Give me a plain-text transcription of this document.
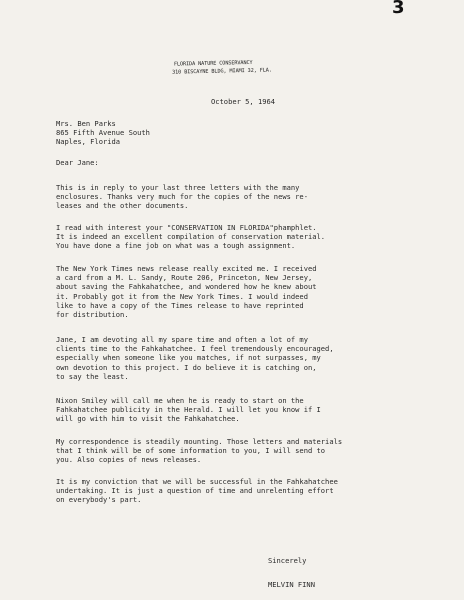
3
FLORIDA NATURE CONSERVANCY
310 BISCAYNE BLDG, MIAMI 32, FLA.
October 5, 1964
Mrs. Ben Parks
865 Fifth Avenue South
Naples, Florida
Dear Jane:
This is in reply to your last three letters with the many
enclosures. Thanks very much for the copies of the news re-
leases and the other documents.
I read with interest your "CONSERVATION IN FLORIDA"phamphlet.
It is indeed an excellent compilation of conservation material.
You have done a fine job on what was a tough assignment.
The New York Times news release really excited me. I received
a card from a M. L. Sandy, Route 206, Princeton, New Jersey,
about saving the Fahkahatchee, and wondered how he knew about
it. Probably got it from the New York Times. I would indeed
like to have a copy of the Times release to have reprinted
for distribution.
Jane, I am devoting all my spare time and often a lot of my
clients time to the Fahkahatchee. I feel tremendously encouraged,
especially when someone like you matches, if not surpasses, my
own devotion to this project. I do believe it is catching on,
to say the least.
Nixon Smiley will call me when he is ready to start on the
Fahkahatchee publicity in the Herald. I will let you know if I
will go with him to visit the Fahkahatchee.
My correspondence is steadily mounting. Those letters and materials
that I think will be of some information to you, I will send to
you. Also copies of news releases.
It is my conviction that we will be successful in the Fahkahatchee
undertaking. It is just a question of time and unrelenting effort
on everybody's part.
Sincerely
MELVIN FINN
